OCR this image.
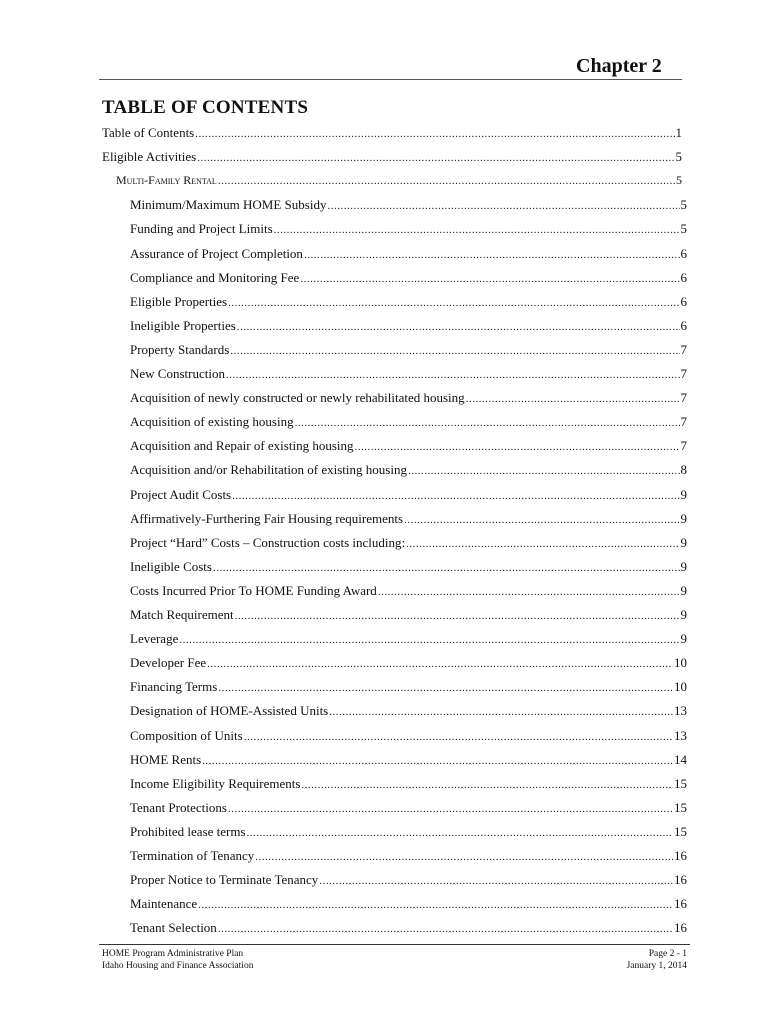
Chapter 2
TABLE OF CONTENTS
Table of Contents .....	1
Eligible Activities .....	5
Multi-Family Rental .....	5
Minimum/Maximum HOME Subsidy .....	5
Funding and Project Limits .....	5
Assurance of Project Completion .....	6
Compliance and Monitoring Fee .....	6
Eligible Properties .....	6
Ineligible Properties .....	6
Property Standards .....	7
New Construction .....	7
Acquisition of newly constructed or newly rehabilitated housing .....	7
Acquisition of existing housing .....	7
Acquisition and Repair of existing housing .....	7
Acquisition and/or Rehabilitation of existing housing .....	8
Project Audit Costs .....	9
Affirmatively-Furthering Fair Housing requirements .....	9
Project “Hard” Costs – Construction costs including: .....	9
Ineligible Costs .....	9
Costs Incurred Prior To HOME Funding Award .....	9
Match Requirement .....	9
Leverage .....	9
Developer Fee .....	10
Financing Terms .....	10
Designation of HOME-Assisted Units .....	13
Composition of Units .....	13
HOME Rents .....	14
Income Eligibility Requirements .....	15
Tenant Protections .....	15
Prohibited lease terms .....	15
Termination of Tenancy .....	16
Proper Notice to Terminate Tenancy .....	16
Maintenance .....	16
Tenant Selection .....	16
HOME Program Administrative Plan
Idaho Housing and Finance Association
Page 2 - 1
January 1, 2014
